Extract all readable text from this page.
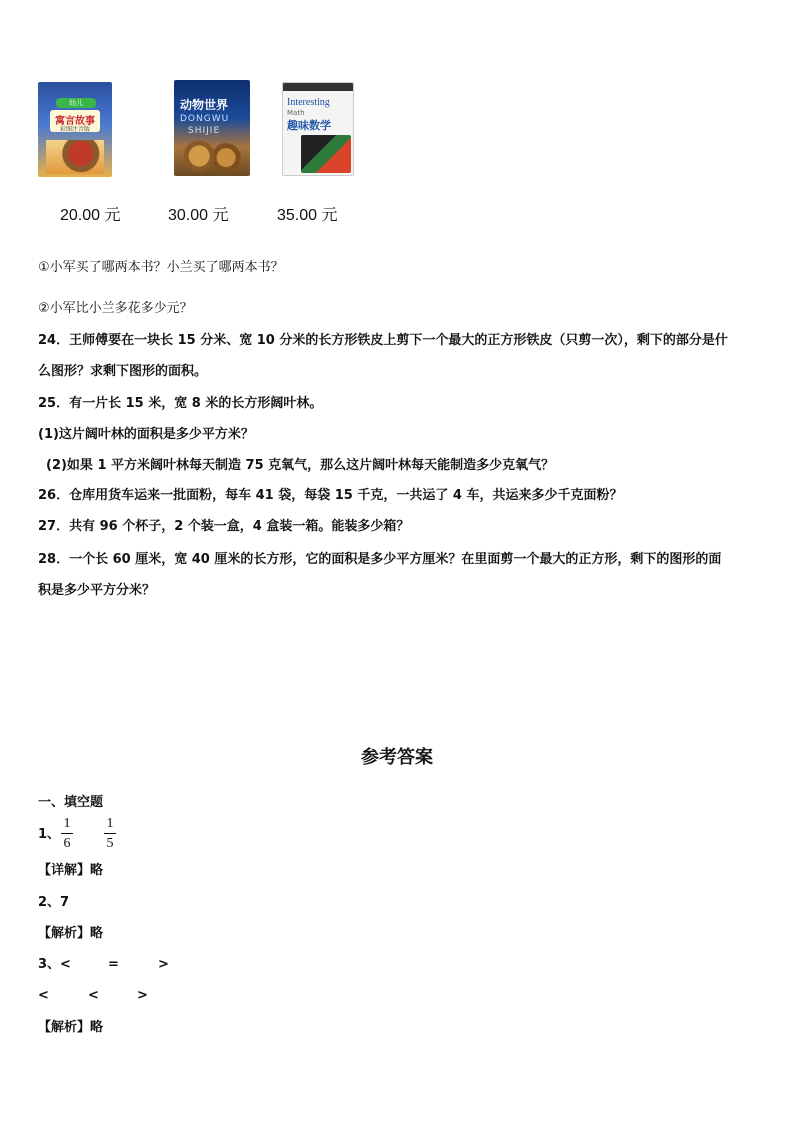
幼儿
寓言故事
彩图注音版
动物世界
DONGWU
SHIJIE
Interesting
Math
趣味数学
20.00 元	30.00 元	35.00 元
①小军买了哪两本书？小兰买了哪两本书？
②小军比小兰多花多少元？
24．王师傅要在一块长 15 分米、宽 10 分米的长方形铁皮上剪下一个最大的正方形铁皮（只剪一次），剩下的部分是什
么图形？求剩下图形的面积。
25．有一片长 15 米，宽 8 米的长方形阔叶林。
(1)这片阔叶林的面积是多少平方米？
(2)如果 1 平方米阔叶林每天制造 75 克氧气，那么这片阔叶林每天能制造多少克氧气？
26．仓库用货车运来一批面粉，每车 41 袋，每袋 15 千克，一共运了 4 车，共运来多少千克面粉？
27．共有 96 个杯子，2 个装一盒，4 盒装一箱。能装多少箱？
28．一个长 60 厘米，宽 40 厘米的长方形，它的面积是多少平方厘米？在里面剪一个最大的正方形，剩下的图形的面
积是多少平方分米？
参考答案
一、填空题
1、
1
6
1
5
【详解】略
2、7
【解析】略
3、<	=	>
<	<	>
【解析】略
